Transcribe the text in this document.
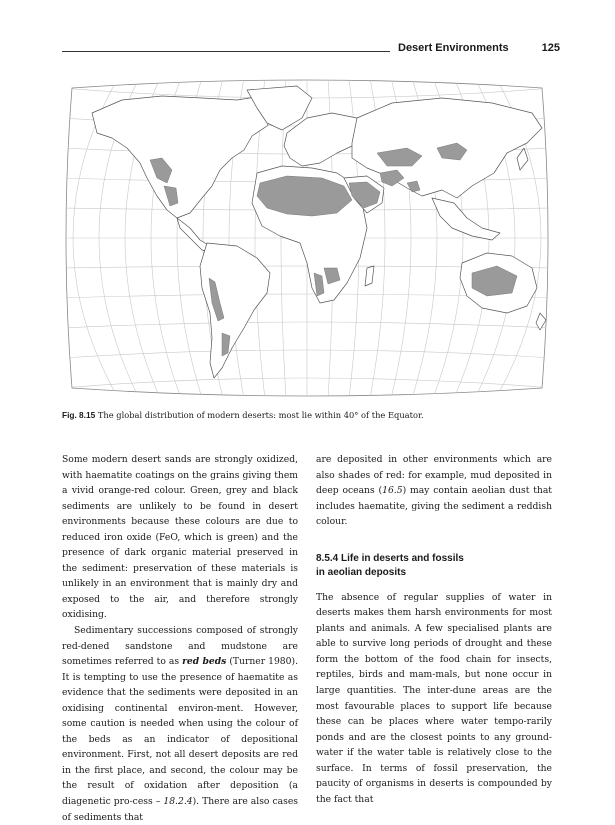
Desert Environments	125
Fig. 8.15 The global distribution of modern deserts: most lie within 40° of the Equator.

Some modern desert sands are strongly oxidized, with haematite coatings on the grains giving them a vivid orange-red colour. Green, grey and black sediments are unlikely to be found in desert environments because these colours are due to reduced iron oxide (FeO, which is green) and the presence of dark organic material preserved in the sediment: preservation of these materials is unlikely in an environment that is mainly dry and exposed to the air, and therefore strongly oxidising.

Sedimentary successions composed of strongly red-dened sandstone and mudstone are sometimes referred to as red beds (Turner 1980). It is tempting to use the presence of haematite as evidence that the sediments were deposited in an oxidising continental environ-ment. However, some caution is needed when using the colour of the beds as an indicator of depositional environment. First, not all desert deposits are red in the first place, and second, the colour may be the result of oxidation after deposition (a diagenetic pro-cess – 18.2.4). There are also cases of sediments that

are deposited in other environments which are also shades of red: for example, mud deposited in deep oceans (16.5) may contain aeolian dust that includes haematite, giving the sediment a reddish colour.

8.5.4 Life in deserts and fossils
in aeolian deposits

The absence of regular supplies of water in deserts makes them harsh environments for most plants and animals. A few specialised plants are able to survive long periods of drought and these form the bottom of the food chain for insects, reptiles, birds and mam-mals, but none occur in large quantities. The inter-dune areas are the most favourable places to support life because these can be places where water tempo-rarily ponds and are the closest points to any ground-water if the water table is relatively close to the surface. In terms of fossil preservation, the paucity of organisms in deserts is compounded by the fact that
